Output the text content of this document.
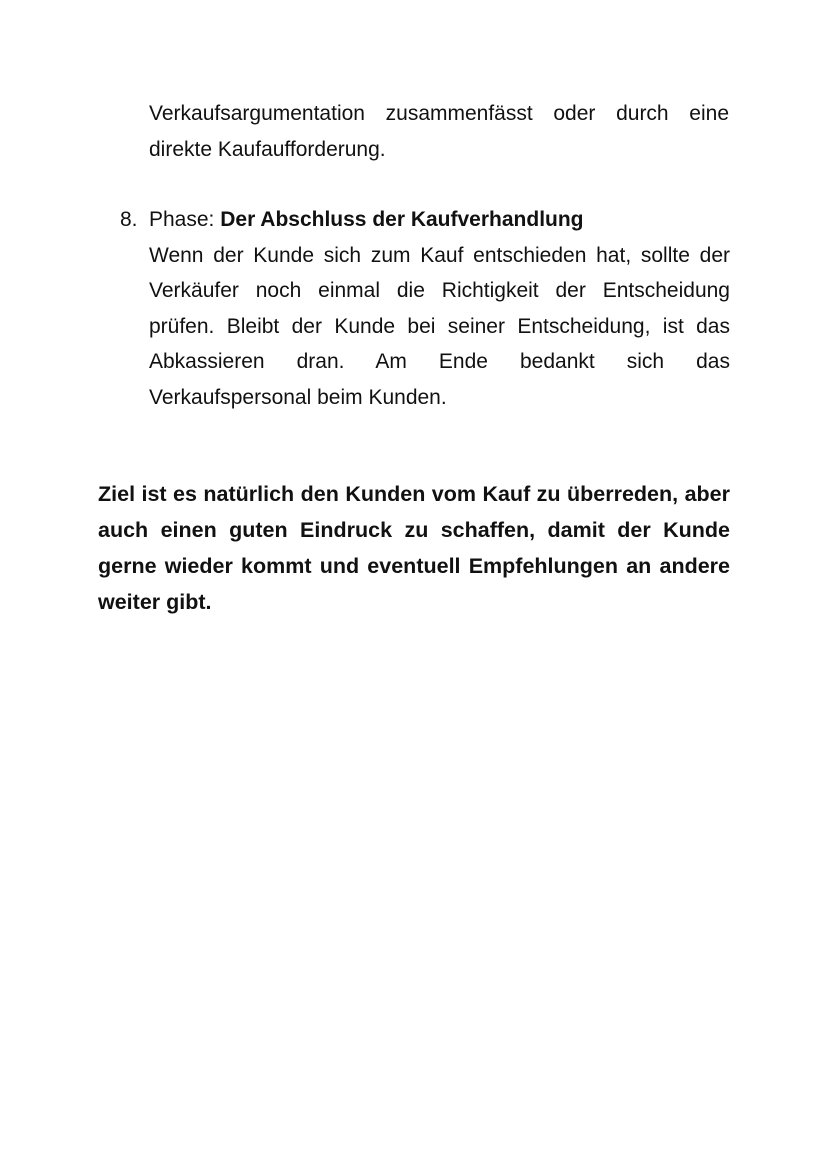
Verkaufsargumentation zusammenfässt oder durch eine direkte Kaufaufforderung.

8. Phase: Der Abschluss der Kaufverhandlung

Wenn der Kunde sich zum Kauf entschieden hat, sollte der Verkäufer noch einmal die Richtigkeit der Entscheidung prüfen. Bleibt der Kunde bei seiner Entscheidung, ist das Abkassieren dran. Am Ende bedankt sich das Verkaufspersonal beim Kunden.

Ziel ist es natürlich den Kunden vom Kauf zu überreden, aber auch einen guten Eindruck zu schaffen, damit der Kunde gerne wieder kommt und eventuell Empfehlungen an andere weiter gibt.
